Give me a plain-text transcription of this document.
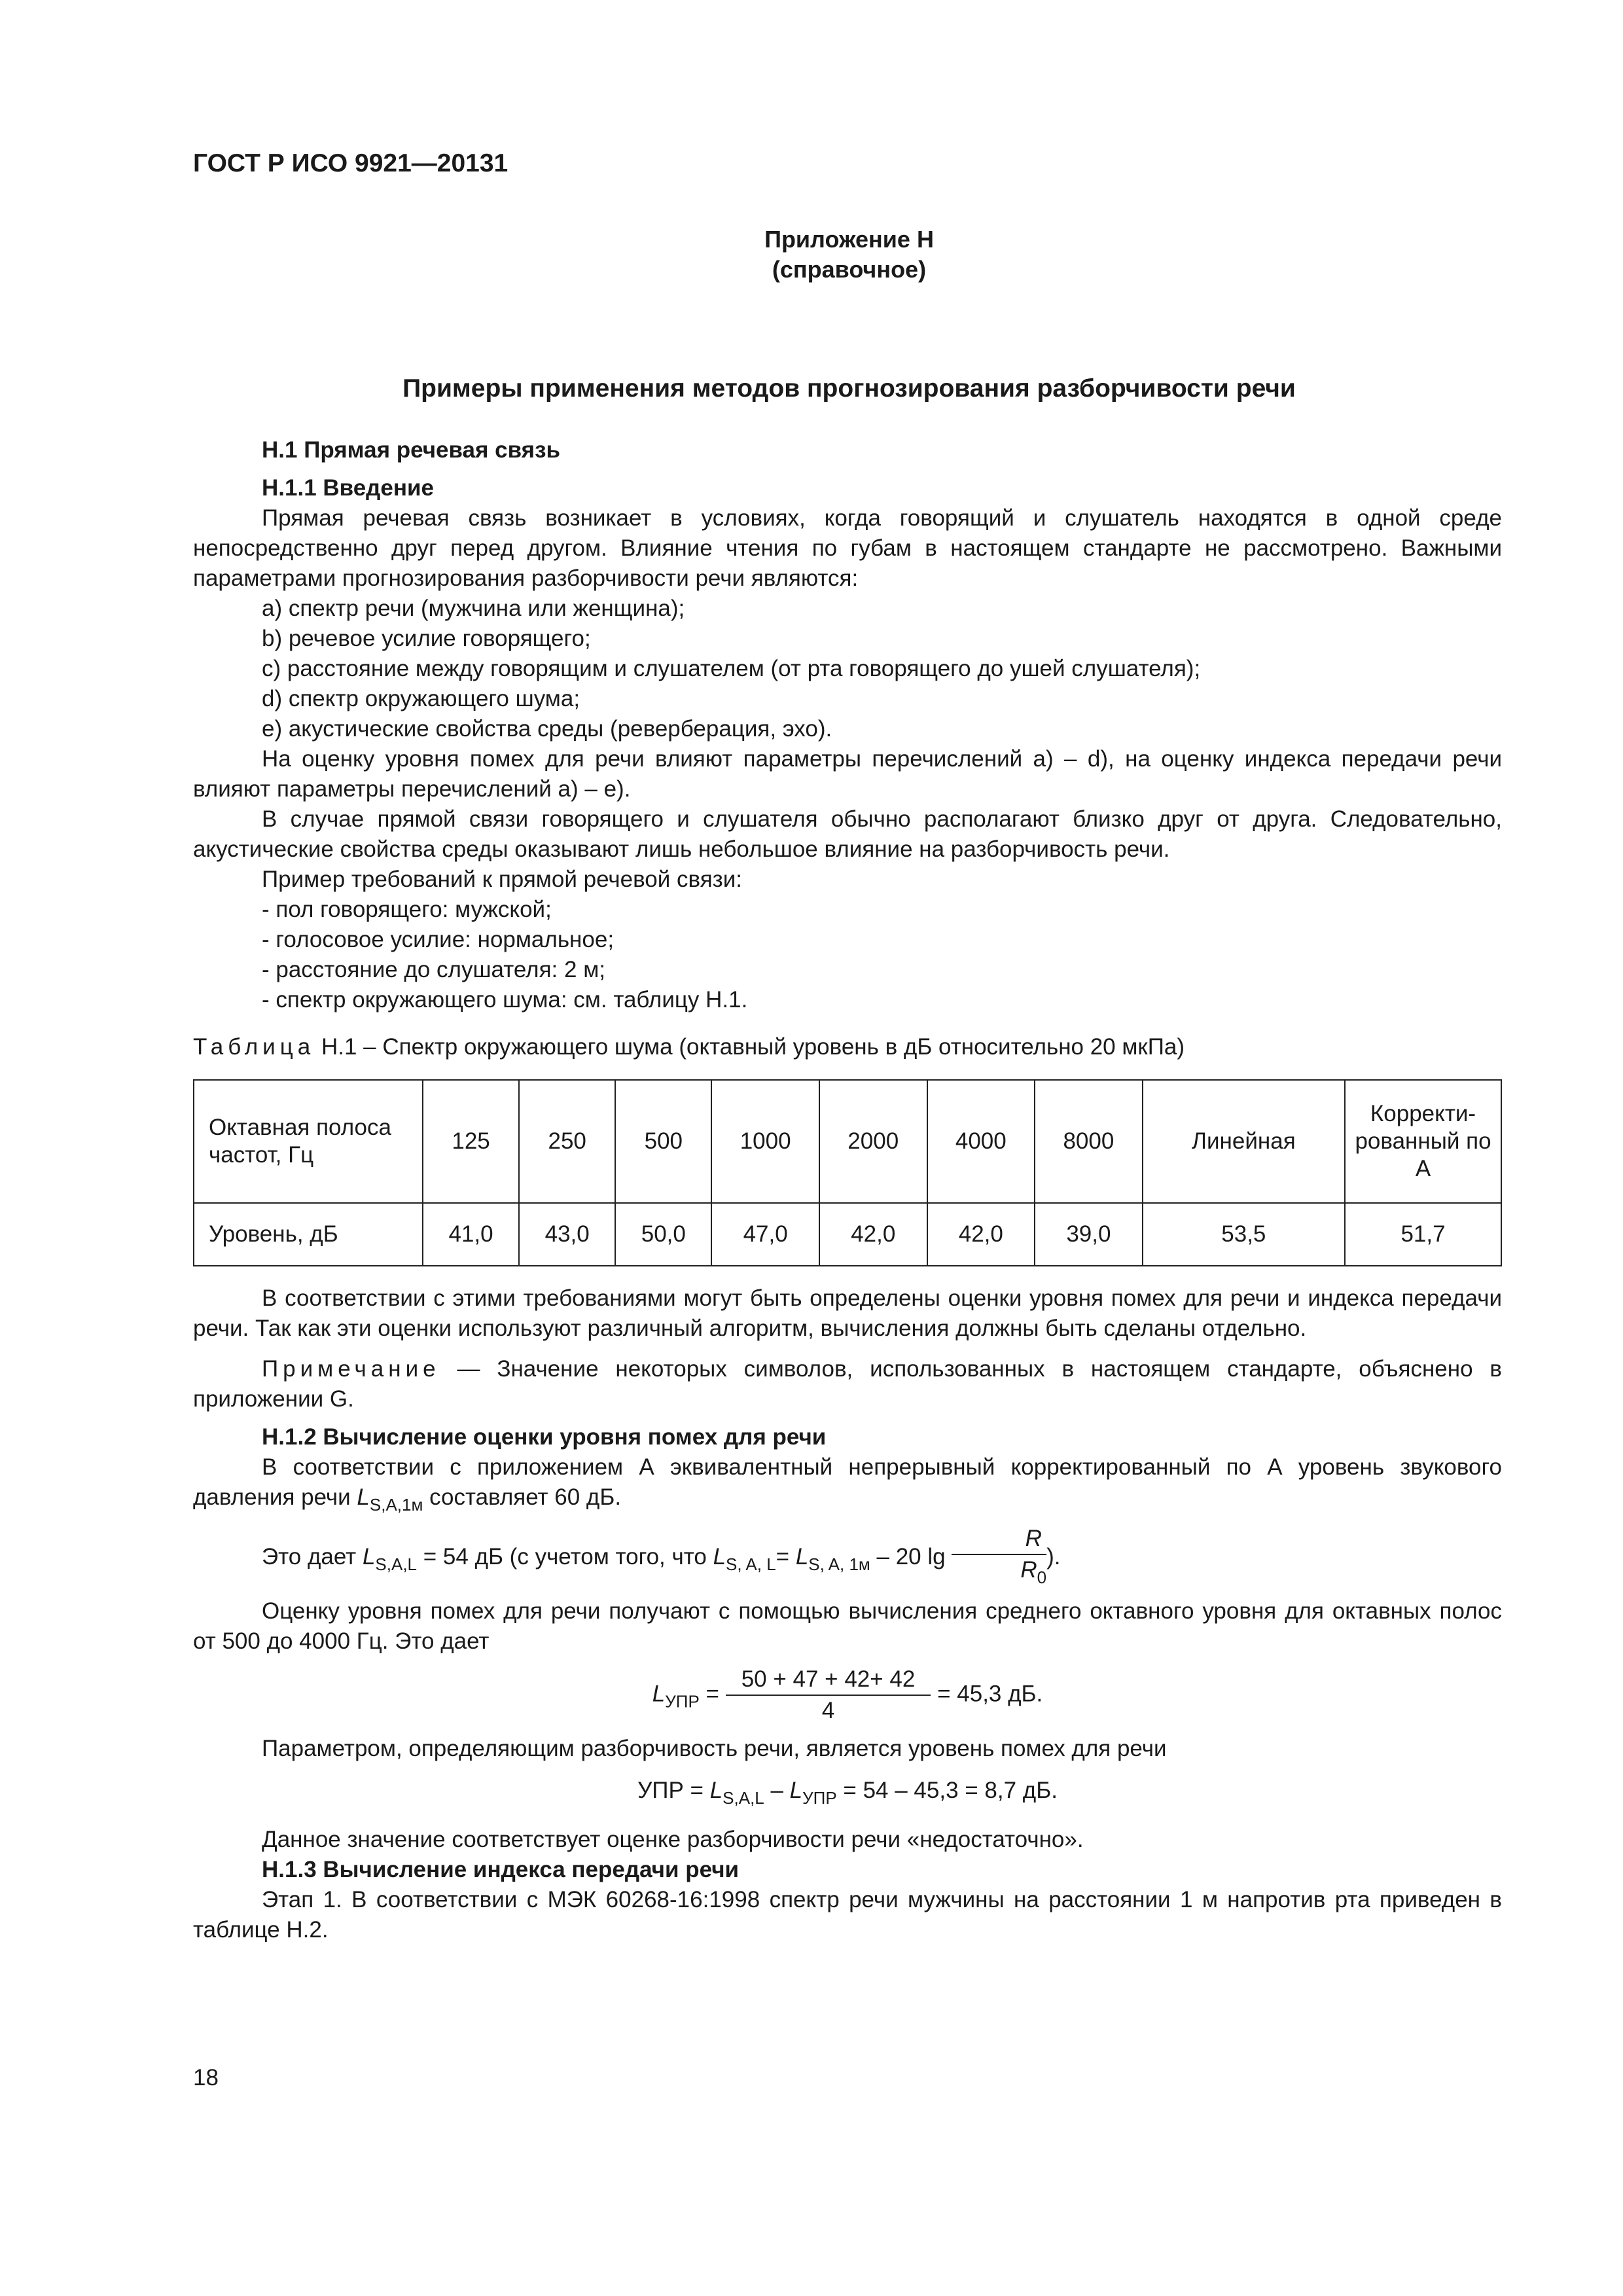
ГОСТ Р ИСО 9921—20131
Приложение Н
(справочное)
Примеры применения методов прогнозирования разборчивости речи

Н.1 Прямая речевая связь

Н.1.1 Введение

Прямая речевая связь возникает в условиях, когда говорящий и слушатель находятся в одной среде непосредственно друг перед другом. Влияние чтения по губам в настоящем стандарте не рассмотрено. Важными параметрами прогнозирования разборчивости речи являются:

a) спектр речи (мужчина или женщина);

b) речевое усилие говорящего;

c) расстояние между говорящим и слушателем (от рта говорящего до ушей слушателя);

d) спектр окружающего шума;

e) акустические свойства среды (реверберация, эхо).

На оценку уровня помех для речи влияют параметры перечислений a) – d), на оценку индекса передачи речи влияют параметры перечислений a) – e).

В случае прямой связи говорящего и слушателя обычно располагают близко друг от друга. Следовательно, акустические свойства среды оказывают лишь небольшое влияние на разборчивость речи.

Пример требований к прямой речевой связи:

- пол говорящего: мужской;

- голосовое усилие: нормальное;

- расстояние до слушателя: 2 м;

- спектр окружающего шума: см. таблицу Н.1.

Таблица Н.1 – Спектр окружающего шума (октавный уровень в дБ относительно 20 мкПа)

Октавная полоса частот, Гц	125	250	500	1000	2000	4000	8000	Линейная	Корректи-рованный по А
Уровень, дБ	41,0	43,0	50,0	47,0	42,0	42,0	39,0	53,5	51,7

В соответствии с этими требованиями могут быть определены оценки уровня помех для речи и индекса передачи речи. Так как эти оценки используют различный алгоритм, вычисления должны быть сделаны отдельно.

Примечание — Значение некоторых символов, использованных в настоящем стандарте, объяснено в приложении G.

Н.1.2 Вычисление оценки уровня помех для речи

В соответствии с приложением А эквивалентный непрерывный корректированный по А уровень звукового давления речи $L_{S,A,1м}$ составляет 60 дБ.

Это дает $L_{S,A,L} = 54$ дБ (с учетом того, что $L_{S, A, L}= L_{S, A, 1м} - 20$ $\lg \frac{R}{R_0}$ ).

Оценку уровня помех для речи получают с помощью вычисления среднего октавного уровня для октавных полос от 500 до 4000 Гц. Это дает

$L_{УПР} = \frac{50 + 47 + 42+ 42}{4} = 45,3$ дБ.

Параметром, определяющим разборчивость речи, является уровень помех для речи

УПР = $L_{S,A,L} - L_{УПР} = 54 - 45,3 = 8,7$ дБ.

Данное значение соответствует оценке разборчивости речи «недостаточно».

Н.1.3 Вычисление индекса передачи речи

Этап 1. В соответствии с МЭК 60268-16:1998 спектр речи мужчины на расстоянии 1 м напротив рта приведен в таблице Н.2.

18
